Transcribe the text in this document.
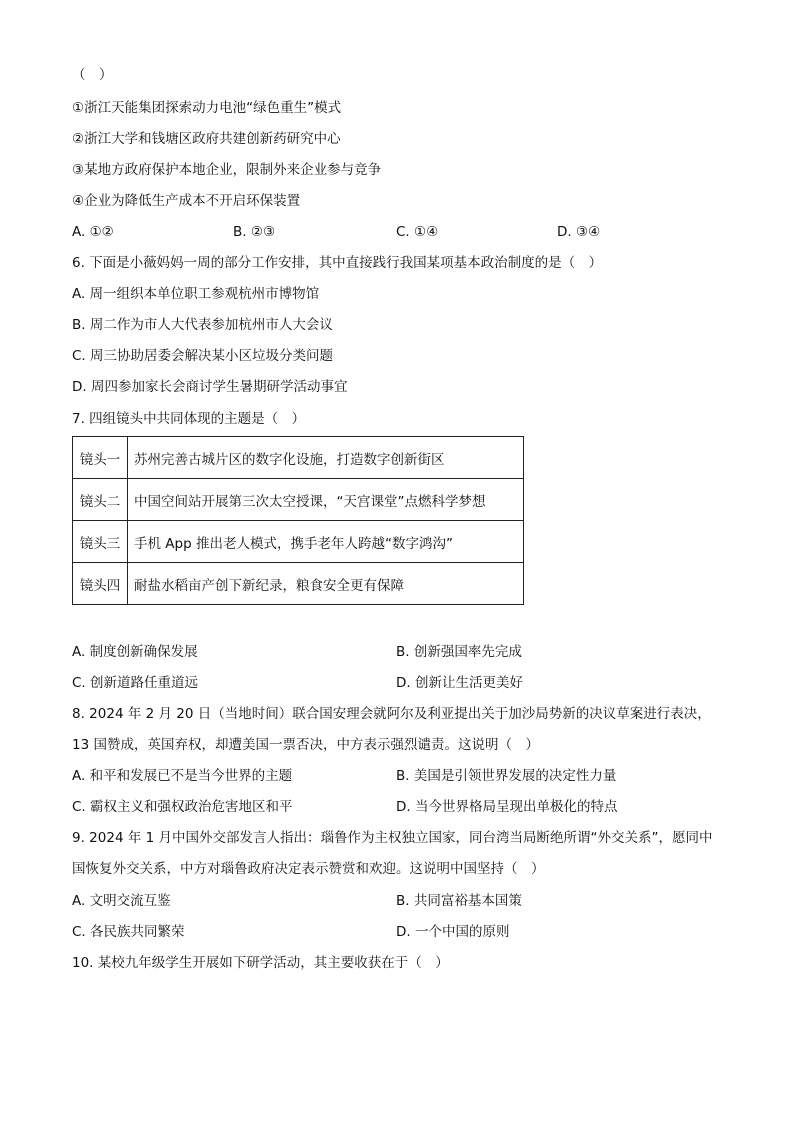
（　）
①浙江天能集团探索动力电池“绿色重生”模式
②浙江大学和钱塘区政府共建创新药研究中心
③某地方政府保护本地企业，限制外来企业参与竞争
④企业为降低生产成本不开启环保装置
A. ①②	B. ②③	C. ①④	D. ③④
6. 下面是小薇妈妈一周的部分工作安排，其中直接践行我国某项基本政治制度的是（　）
A. 周一组织本单位职工参观杭州市博物馆
B. 周二作为市人大代表参加杭州市人大会议
C. 周三协助居委会解决某小区垃圾分类问题
D. 周四参加家长会商讨学生暑期研学活动事宜
7. 四组镜头中共同体现的主题是（　）
镜头一	苏州完善古城片区的数字化设施，打造数字创新街区
镜头二	中国空间站开展第三次太空授课，“天宫课堂”点燃科学梦想
镜头三	手机 App 推出老人模式，携手老年人跨越“数字鸿沟”
镜头四	耐盐水稻亩产创下新纪录，粮食安全更有保障
A. 制度创新确保发展	B. 创新强国率先完成
C. 创新道路任重道远	D. 创新让生活更美好
8. 2024 年 2 月 20 日（当地时间）联合国安理会就阿尔及利亚提出关于加沙局势新的决议草案进行表决，
13 国赞成，英国弃权，却遭美国一票否决，中方表示强烈谴责。这说明（　）
A. 和平和发展已不是当今世界的主题	B. 美国是引领世界发展的决定性力量
C. 霸权主义和强权政治危害地区和平	D. 当今世界格局呈现出单极化的特点
9. 2024 年 1 月中国外交部发言人指出：瑙鲁作为主权独立国家，同台湾当局断绝所谓“外交关系”，愿同中
国恢复外交关系，中方对瑙鲁政府决定表示赞赏和欢迎。这说明中国坚持（　）
A. 文明交流互鉴	B. 共同富裕基本国策
C. 各民族共同繁荣	D. 一个中国的原则
10. 某校九年级学生开展如下研学活动，其主要收获在于（　）
